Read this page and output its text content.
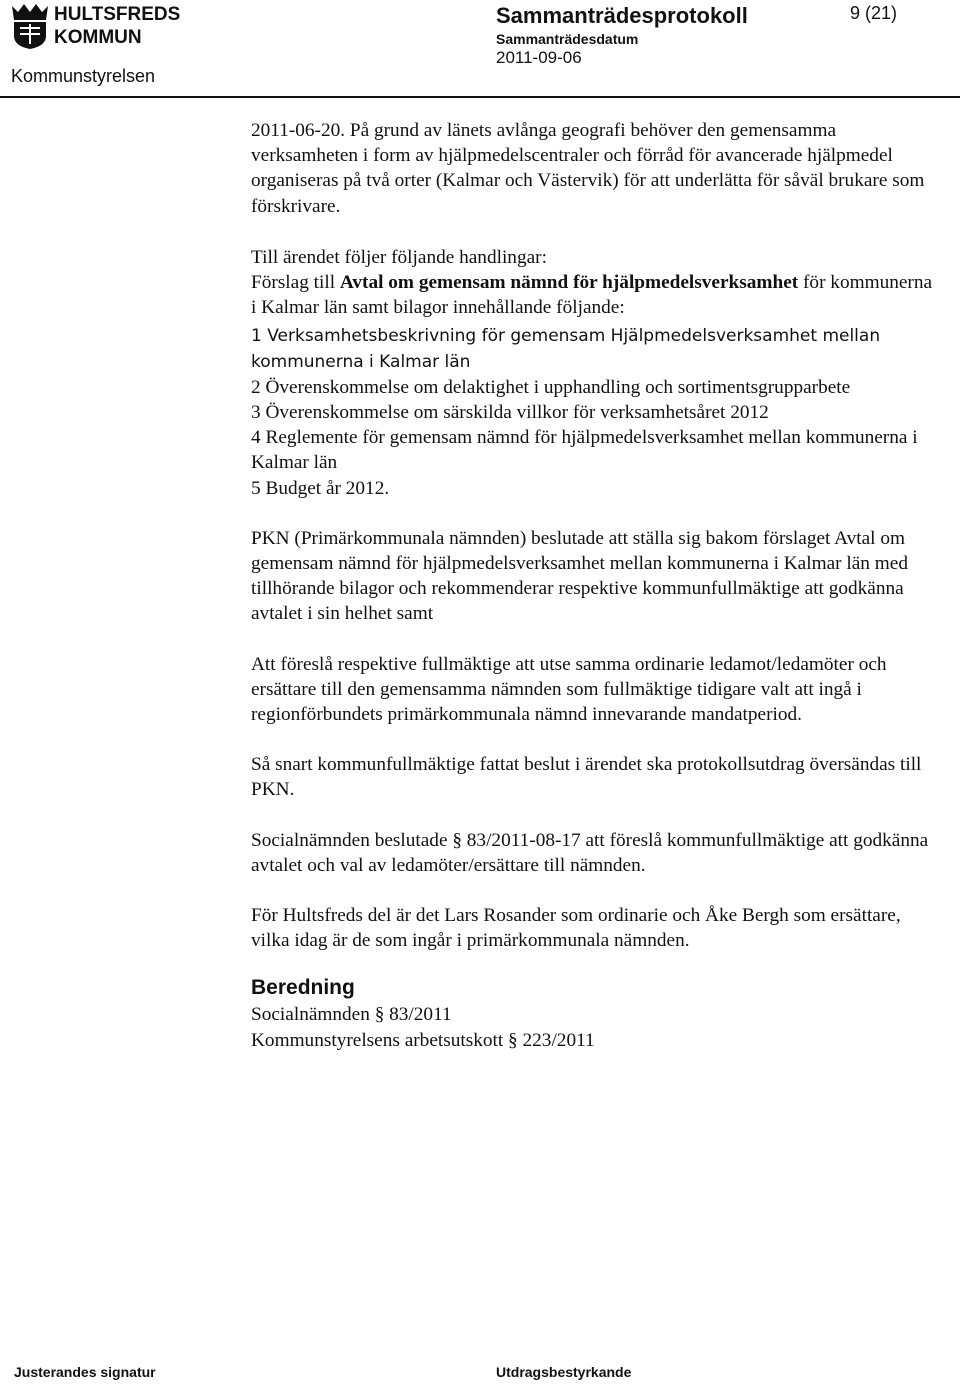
HULTSFREDS
KOMMUN
Kommunstyrelsen
Sammanträdesprotokoll
Sammanträdesdatum
2011-09-06
9 (21)

2011-06-20. På grund av länets avlånga geografi behöver den gemensamma verksamheten i form av hjälpmedelscentraler och förråd för avancerade hjälpmedel organiseras på två orter (Kalmar och Västervik) för att underlätta för såväl brukare som förskrivare.

Till ärendet följer följande handlingar:
Förslag till Avtal om gemensam nämnd för hjälpmedelsverksamhet för kommunerna i Kalmar län samt bilagor innehållande följande:

1 Verksamhetsbeskrivning för gemensam Hjälpmedelsverksamhet mellan kommunerna i Kalmar län

2 Överenskommelse om delaktighet i upphandling och sortimentsgrupparbete

3 Överenskommelse om särskilda villkor för verksamhetsåret 2012

4 Reglemente för gemensam nämnd för hjälpmedelsverksamhet mellan kommunerna i Kalmar län

5 Budget år 2012.

PKN (Primärkommunala nämnden) beslutade att ställa sig bakom förslaget Avtal om gemensam nämnd för hjälpmedelsverksamhet mellan kommunerna i Kalmar län med tillhörande bilagor och rekommenderar respektive kommunfullmäktige att godkänna avtalet i sin helhet samt

Att föreslå respektive fullmäktige att utse samma ordinarie ledamot/ledamöter och ersättare till den gemensamma nämnden som fullmäktige tidigare valt att ingå i regionförbundets primärkommunala nämnd innevarande mandatperiod.

Så snart kommunfullmäktige fattat beslut i ärendet ska protokollsutdrag översändas till PKN.

Socialnämnden beslutade § 83/2011-08-17 att föreslå kommunfullmäktige att godkänna avtalet och val av ledamöter/ersättare till nämnden.

För Hultsfreds del är det Lars Rosander som ordinarie och Åke Bergh som ersättare, vilka idag är de som ingår i primärkommunala nämnden.

Beredning

Socialnämnden § 83/2011

Kommunstyrelsens arbetsutskott § 223/2011

Justerandes signatur	Utdragsbestyrkande
